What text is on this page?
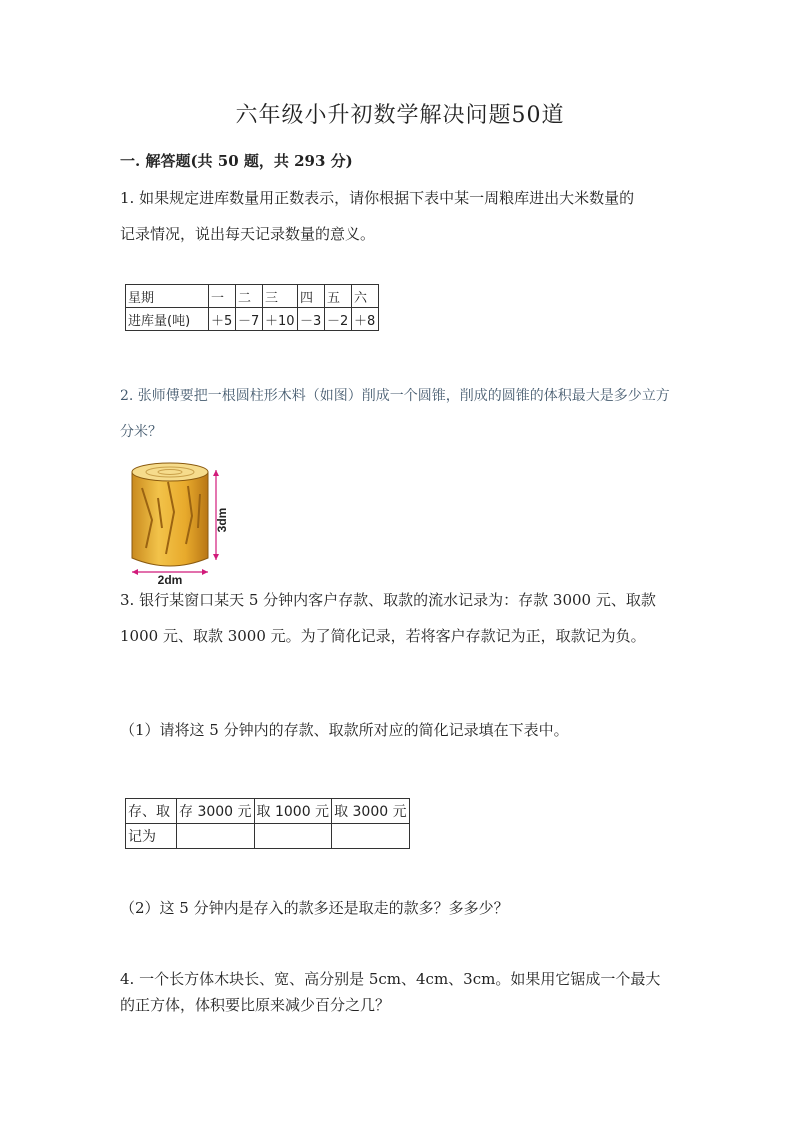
六年级小升初数学解决问题50道
一. 解答题(共 50 题，共 293 分)
1. 如果规定进库数量用正数表示，请你根据下表中某一周粮库进出大米数量的
记录情况，说出每天记录数量的意义。
星期	一	二	三	四	五	六
进库量(吨)	＋5	－7	＋10	－3	－2	＋8
2. 张师傅要把一根圆柱形木料（如图）削成一个圆锥，削成的圆锥的体积最大是多少立方
分米？
3dm
2dm
3. 银行某窗口某天 5 分钟内客户存款、取款的流水记录为：存款 3000 元、取款
1000 元、取款 3000 元。为了简化记录，若将客户存款记为正，取款记为负。
（1）请将这 5 分钟内的存款、取款所对应的简化记录填在下表中。
存、取	存 3000 元	取 1000 元	取 3000 元
记为			
（2）这 5 分钟内是存入的款多还是取走的款多？多多少？
4. 一个长方体木块长、宽、高分别是 5cm、4cm、3cm。如果用它锯成一个最大
的正方体，体积要比原来减少百分之几？
